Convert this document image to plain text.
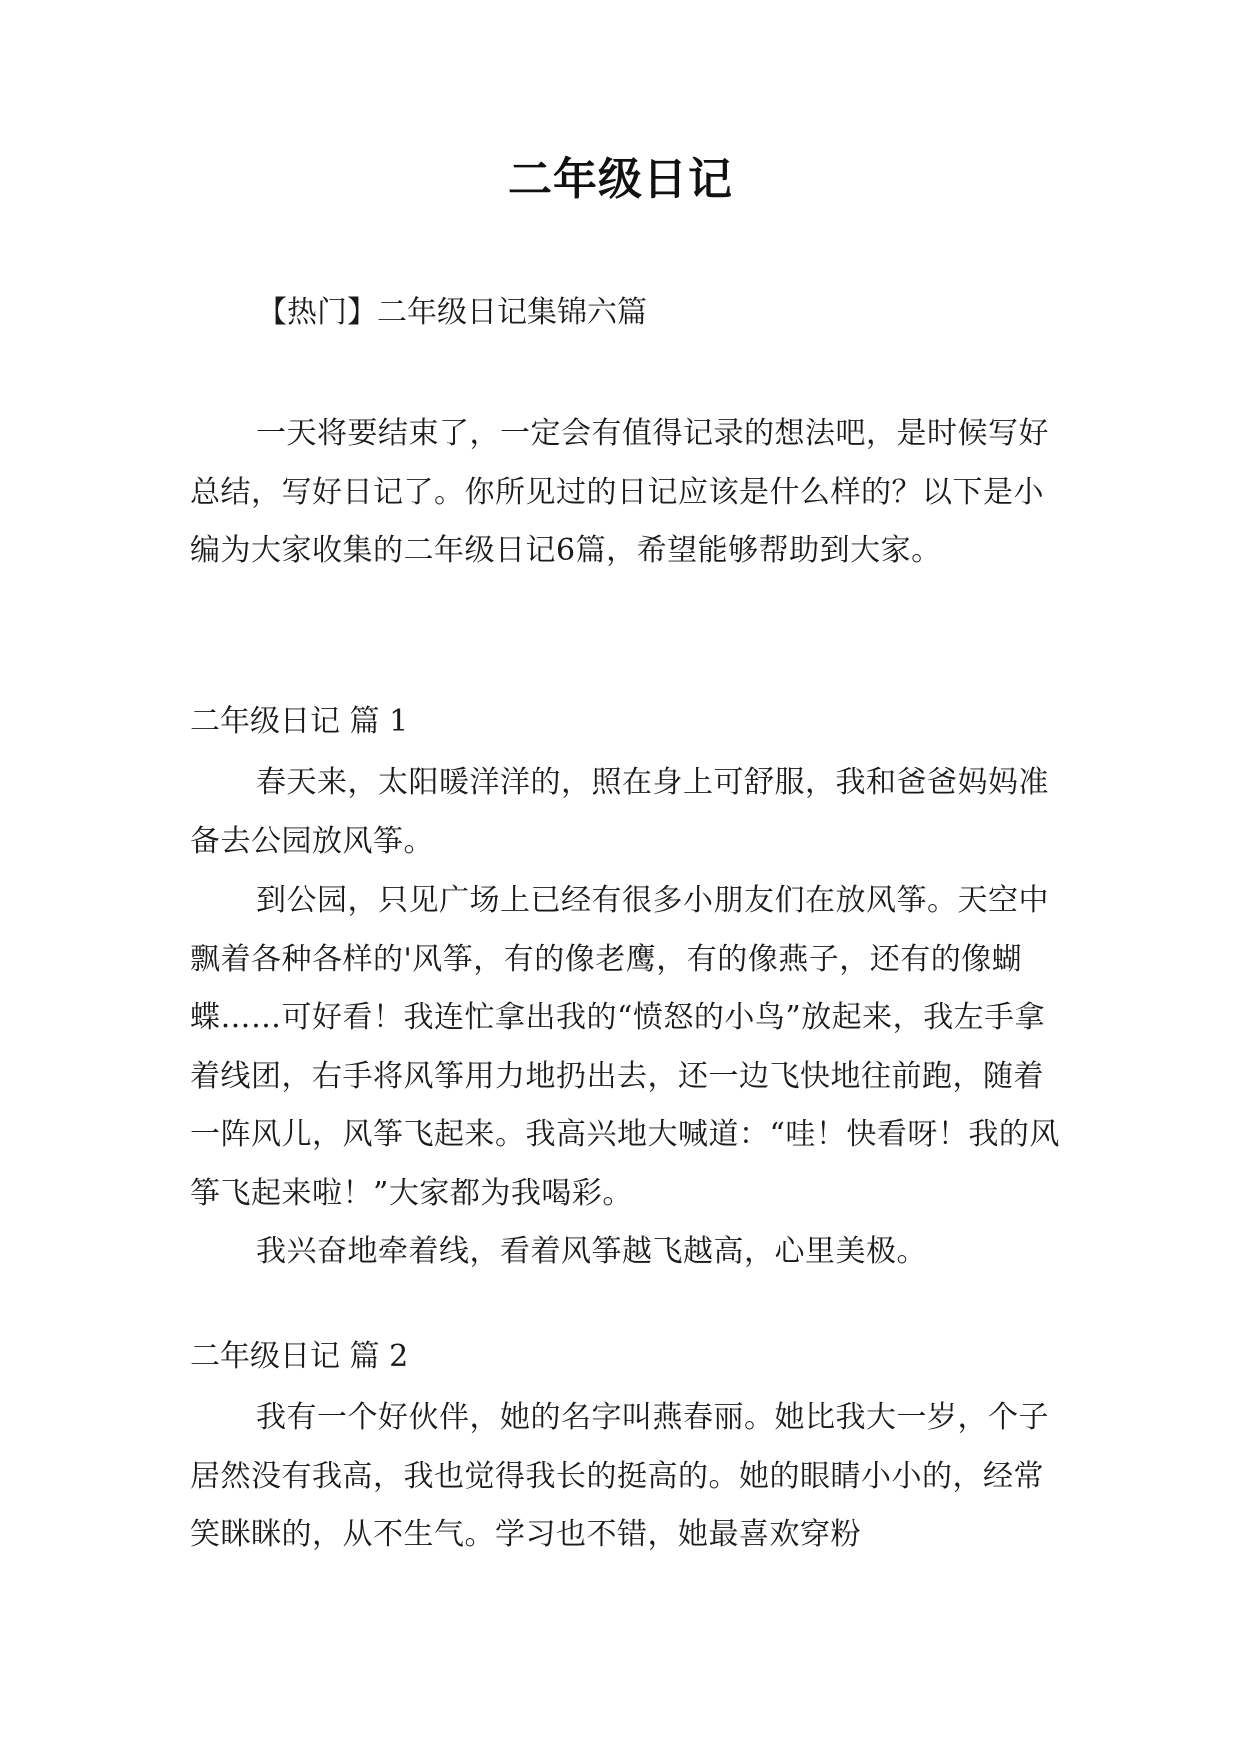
二年级日记
【热门】二年级日记集锦六篇
一天将要结束了，一定会有值得记录的想法吧，是时候写好总结，写好日记了。你所见过的日记应该是什么样的？以下是小编为大家收集的二年级日记6篇，希望能够帮助到大家。
二年级日记 篇 1
春天来，太阳暖洋洋的，照在身上可舒服，我和爸爸妈妈准备去公园放风筝。
到公园，只见广场上已经有很多小朋友们在放风筝。天空中飘着各种各样的'风筝，有的像老鹰，有的像燕子，还有的像蝴蝶……可好看！我连忙拿出我的“愤怒的小鸟”放起来，我左手拿着线团，右手将风筝用力地扔出去，还一边飞快地往前跑，随着一阵风儿，风筝飞起来。我高兴地大喊道：“哇！快看呀！我的风筝飞起来啦！”大家都为我喝彩。
我兴奋地牵着线，看着风筝越飞越高，心里美极。
二年级日记 篇 2
我有一个好伙伴，她的名字叫燕春丽。她比我大一岁，个子居然没有我高，我也觉得我长的挺高的。她的眼睛小小的，经常笑眯眯的，从不生气。学习也不错，她最喜欢穿粉
